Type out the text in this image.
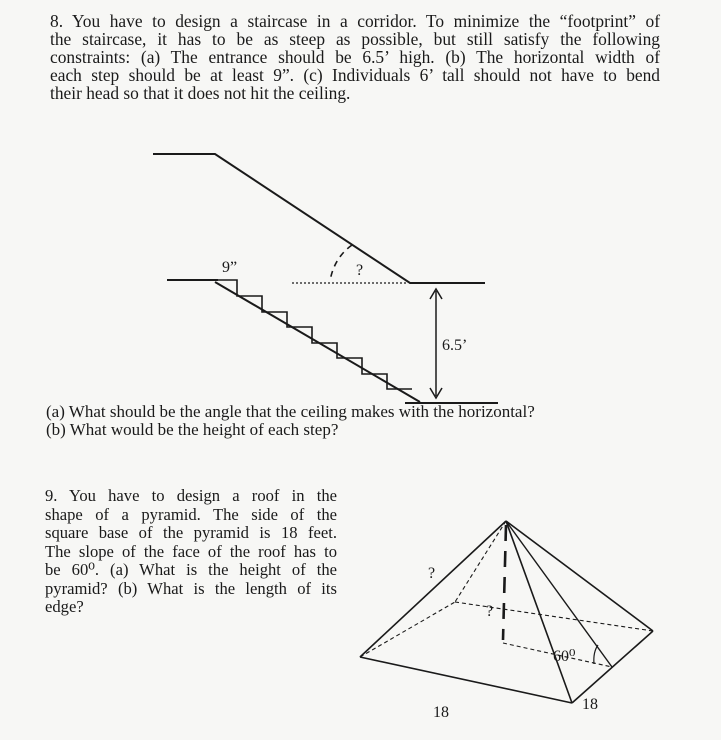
8. You have to design a staircase in a corridor. To minimize the “footprint” of
the staircase, it has to be as steep as possible, but still satisfy the following
constraints: (a) The entrance should be 6.5’ high. (b) The horizontal width of
each step should be at least 9”. (c) Individuals 6’ tall should not have to bend
their head so that it does not hit the ceiling.
(a) What should be the angle that the ceiling makes with the horizontal?
(b) What would be the height of each step?
9. You have to design a roof in the
shape of a pyramid. The side of the
square base of the pyramid is 18 feet.
The slope of the face of the roof has to
be 60⁰. (a) What is the height of the
pyramid? (b) What is the length of its
edge?
9”	?
6.5’
?
?
60⁰
18	18
